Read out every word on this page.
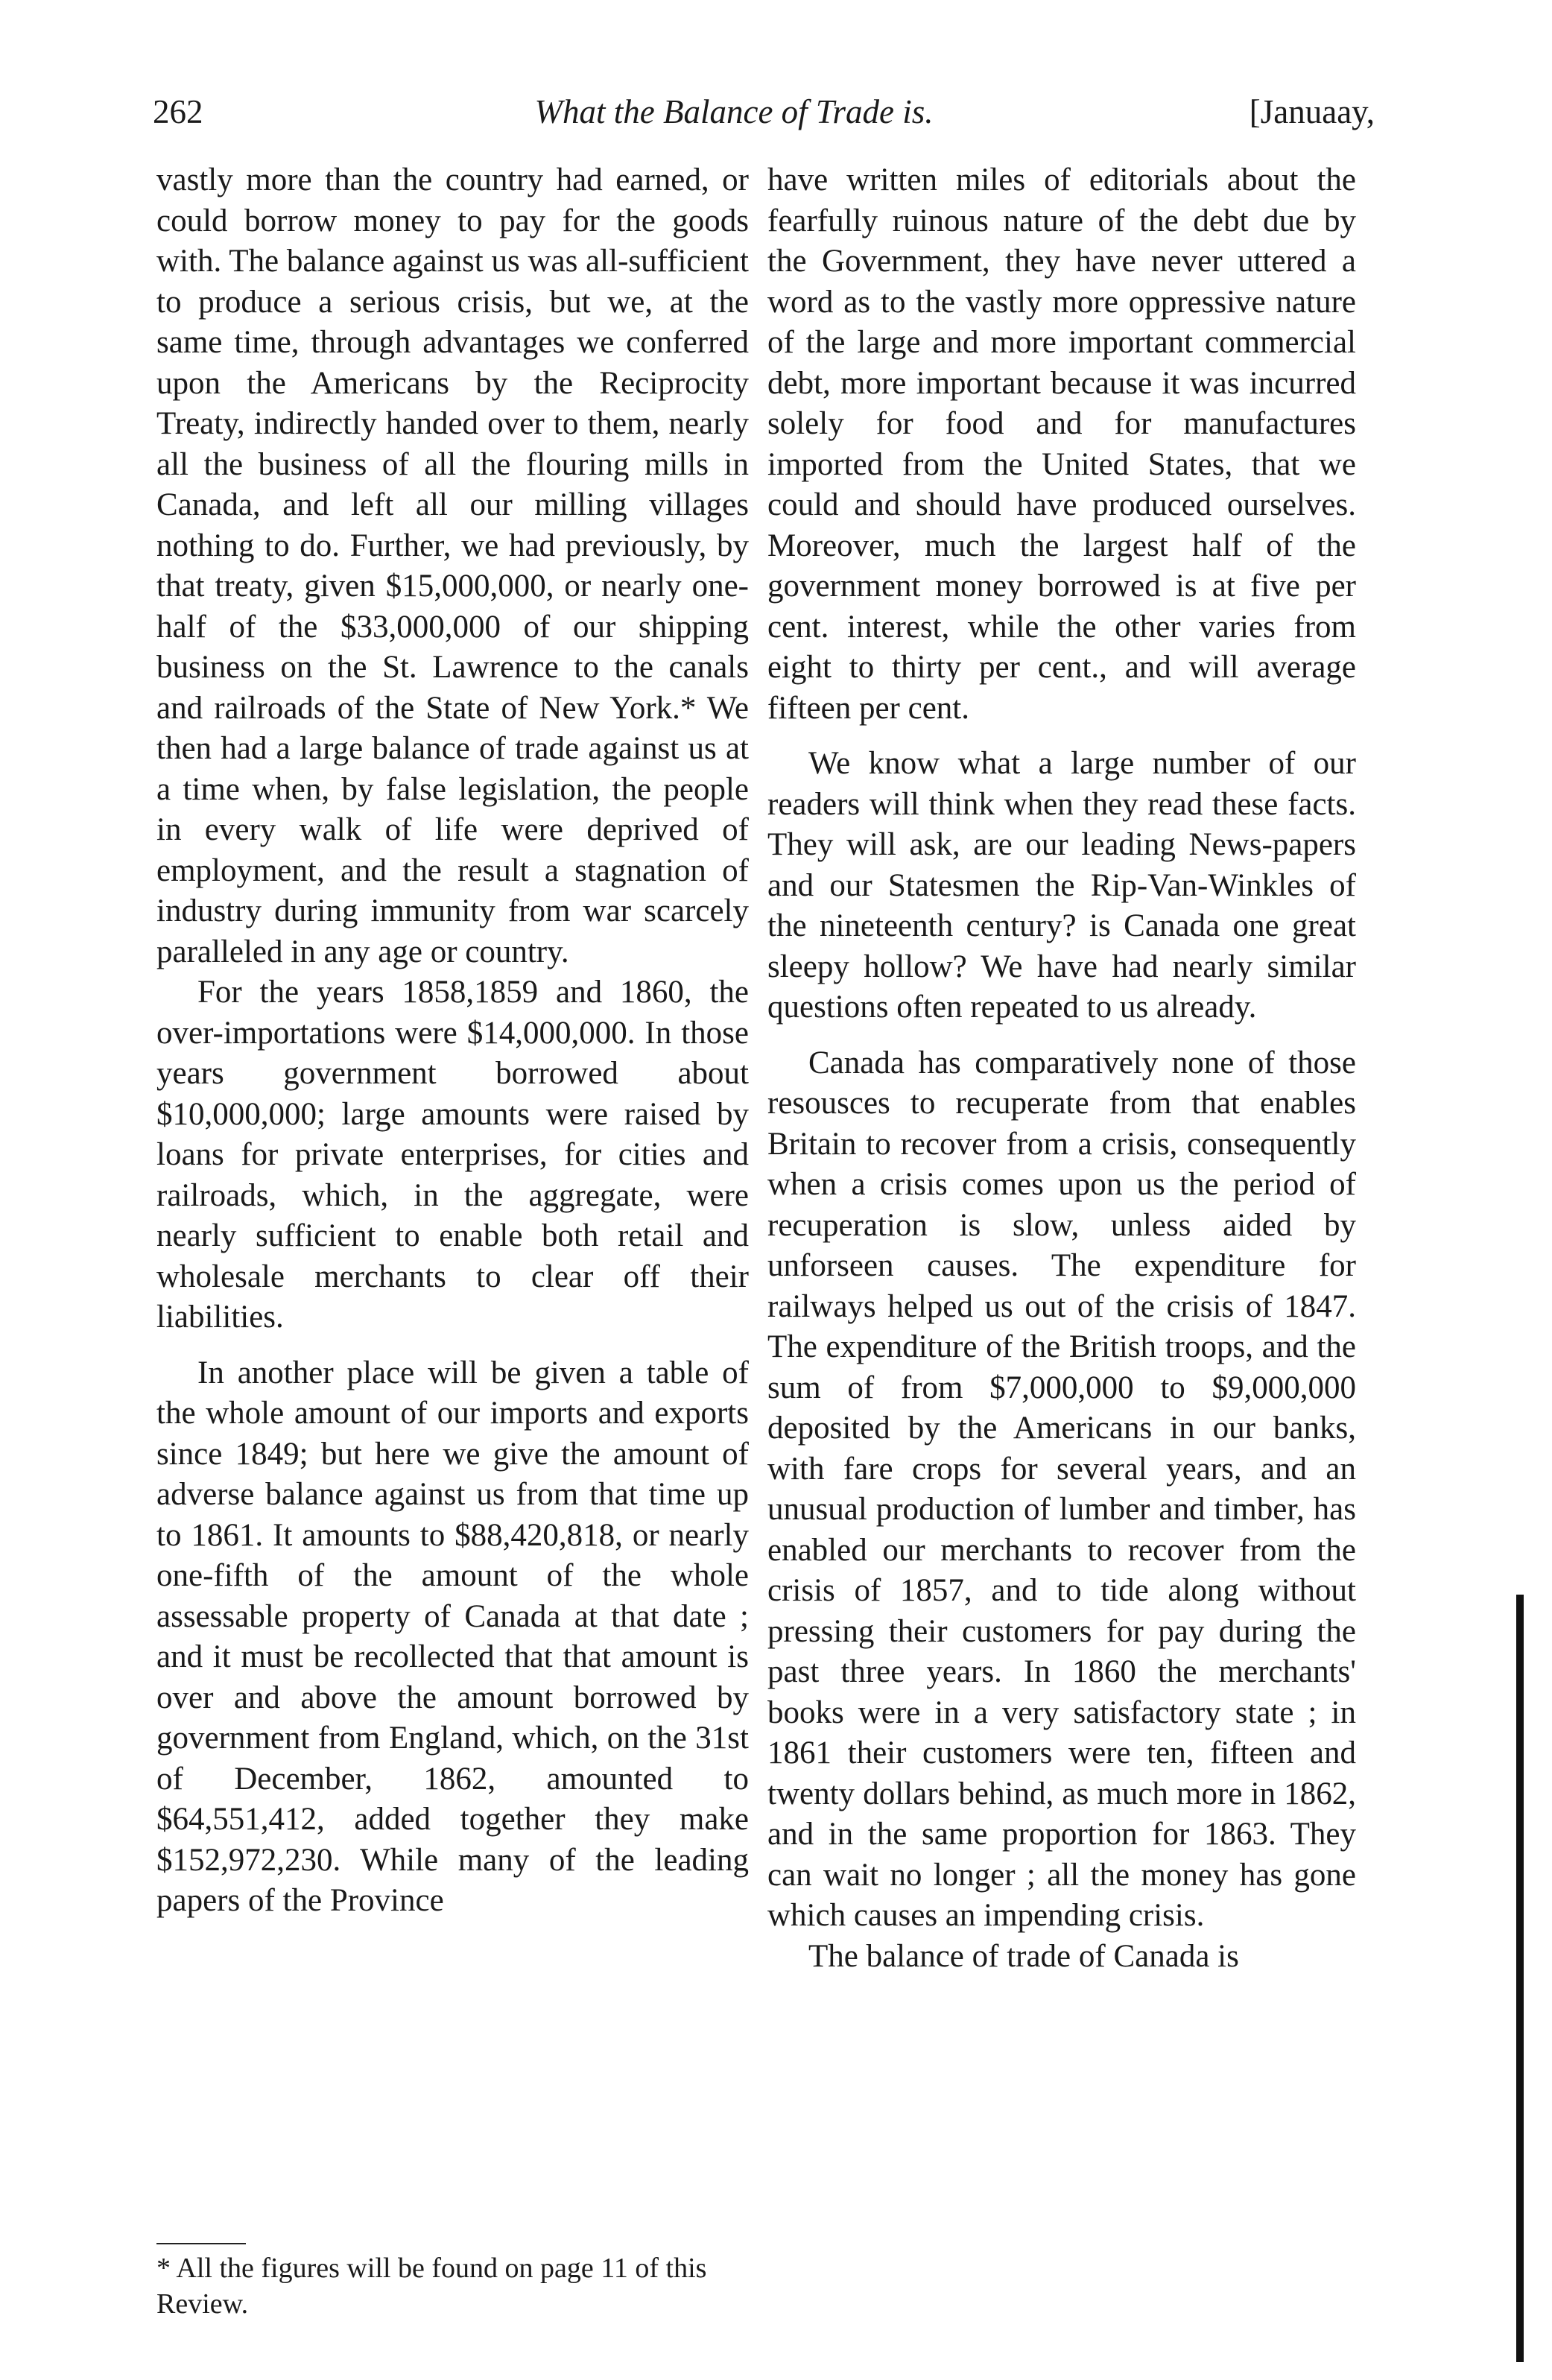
262	What the Balance of Trade is.	[Januaay,

vastly more than the country had earned, or could borrow money to pay for the goods with. The balance against us was all-sufficient to produce a serious crisis, but we, at the same time, through advantages we conferred upon the Americans by the Reciprocity Treaty, indirectly handed over to them, nearly all the business of all the flouring mills in Canada, and left all our milling villages nothing to do. Further, we had previously, by that treaty, given $15,000,000, or nearly one-half of the $33,000,000 of our shipping business on the St. Lawrence to the canals and railroads of the State of New York.* We then had a large balance of trade against us at a time when, by false legislation, the people in every walk of life were deprived of employment, and the result a stagnation of industry during immunity from war scarcely paralleled in any age or country.

For the years 1858,1859 and 1860, the over-importations were $14,000,000. In those years government borrowed about $10,000,000; large amounts were raised by loans for private enterprises, for cities and railroads, which, in the aggregate, were nearly sufficient to enable both retail and wholesale merchants to clear off their liabilities.

In another place will be given a table of the whole amount of our imports and exports since 1849; but here we give the amount of adverse balance against us from that time up to 1861. It amounts to $88,420,818, or nearly one-fifth of the amount of the whole assessable property of Canada at that date ; and it must be recollected that that amount is over and above the amount borrowed by government from England, which, on the 31st of December, 1862, amounted to $64,551,412, added together they make $152,972,230. While many of the leading papers of the Province

have written miles of editorials about the fearfully ruinous nature of the debt due by the Government, they have never uttered a word as to the vastly more oppressive nature of the large and more important commercial debt, more important because it was incurred solely for food and for manufactures imported from the United States, that we could and should have produced ourselves. Moreover, much the largest half of the government money borrowed is at five per cent. interest, while the other varies from eight to thirty per cent., and will average fifteen per cent.

We know what a large number of our readers will think when they read these facts. They will ask, are our leading News-papers and our Statesmen the Rip-Van-Winkles of the nineteenth century? is Canada one great sleepy hollow? We have had nearly similar questions often repeated to us already.

Canada has comparatively none of those resousces to recuperate from that enables Britain to recover from a crisis, consequently when a crisis comes upon us the period of recuperation is slow, unless aided by unforseen causes. The expenditure for railways helped us out of the crisis of 1847. The expenditure of the British troops, and the sum of from $7,000,000 to $9,000,000 deposited by the Americans in our banks, with fare crops for several years, and an unusual production of lumber and timber, has enabled our merchants to recover from the crisis of 1857, and to tide along without pressing their customers for pay during the past three years. In 1860 the merchants' books were in a very satisfactory state ; in 1861 their customers were ten, fifteen and twenty dollars behind, as much more in 1862, and in the same proportion for 1863. They can wait no longer ; all the money has gone which causes an impending crisis.

The balance of trade of Canada is

* All the figures will be found on page 11 of this Review.
